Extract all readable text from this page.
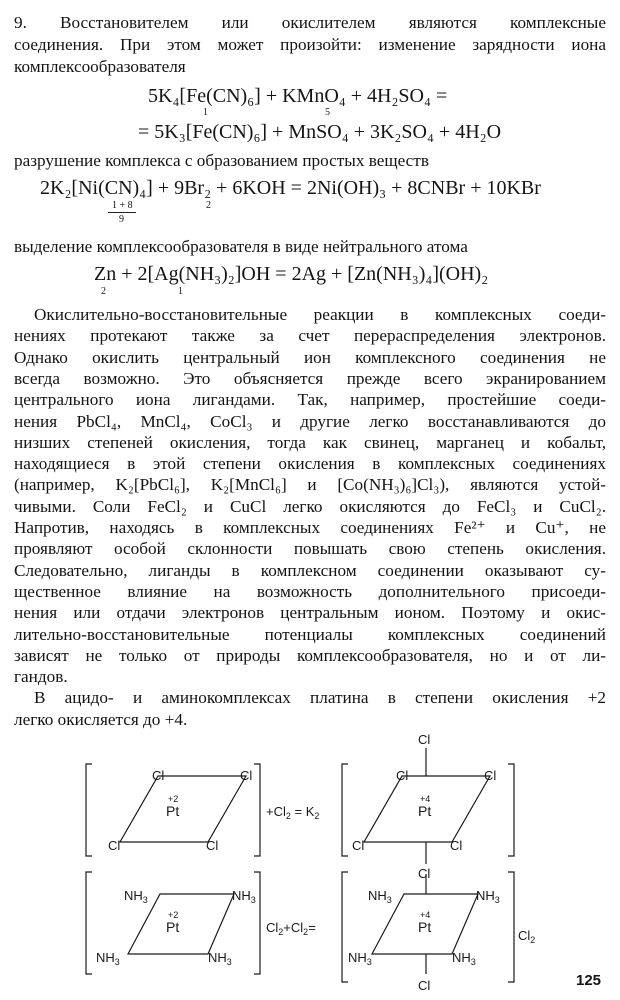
9. Восстановителем или окислителем являются комплексные
соединения. При этом может произойти: изменение зарядности иона
комплексообразователя
5K₄[Fe(CN)₆] + KMnO₄ + 4H₂SO₄ =
1	5
= 5K₃[Fe(CN)₆] + MnSO₄ + 3K₂SO₄ + 4H₂O
разрушение комплекса с образованием простых веществ
2K₂[Ni(CN)₄] + 9Br₂ + 6KOH = 2Ni(OH)₃ + 8CNBr + 10KBr
1 + 8
9
2
выделение комплексообразователя в виде нейтрального атома
Zn + 2[Ag(NH₃)₂]OH = 2Ag + [Zn(NH₃)₄](OH)₂
2	1
Окислительно-восстановительные реакции в комплексных соеди-
нениях протекают также за счет перераспределения электронов.
Однако окислить центральный ион комплексного соединения не
всегда возможно. Это объясняется прежде всего экранированием
центрального иона лигандами. Так, например, простейшие соеди-
нения PbCl₄, MnCl₄, CoCl₃ и другие легко восстанавливаются до
низших степеней окисления, тогда как свинец, марганец и кобальт,
находящиеся в этой степени окисления в комплексных соединениях
(например, K₂[PbCl₆], K₂[MnCl₆] и [Co(NH₃)₆]Cl₃), являются устой-
чивыми. Соли FeCl₂ и CuCl легко окисляются до FeCl₃ и CuCl₂.
Напротив, находясь в комплексных соединениях Fe²⁺ и Cu⁺, не
проявляют особой склонности повышать свою степень окисления.
Следовательно, лиганды в комплексном соединении оказывают су-
щественное влияние на возможность дополнительного присоеди-
нения или отдачи электронов центральным ионом. Поэтому и окис-
лительно-восстановительные потенциалы комплексных соединений
зависят не только от природы комплексообразователя, но и от ли-
гандов.
Cl	Cl
Cl	Cl
+2
Pt	$+Cl_2 = K_2$
Cl
Cl	Cl
Cl	Cl
Cl
+4
Pt
$NH_3$	$NH_3$
$NH_3$	$NH_3$
+2
Pt	$Cl_2+Cl_2=$
$NH_3$	$NH_3$
$NH_3$	$NH_3$
Cl
+4
Pt
$Cl_2$
125
В ацидо- и аминокомплексах платина в степени окисления +2
легко окисляется до +4.
